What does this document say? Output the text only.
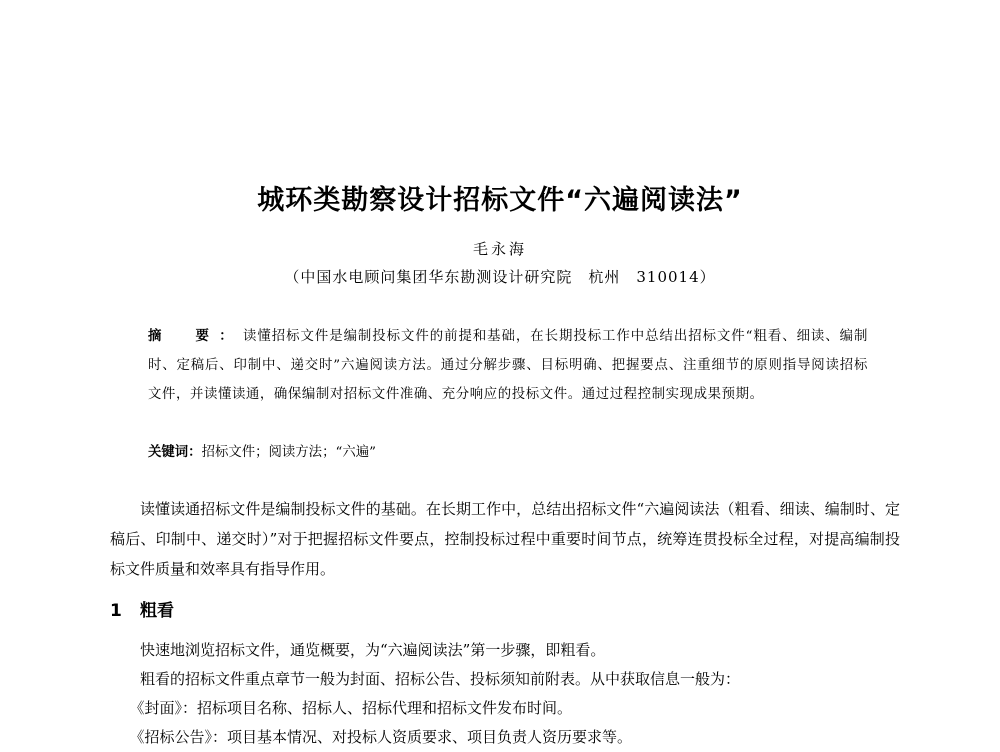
城环类勘察设计招标文件“六遍阅读法”
毛永海
（中国水电顾问集团华东勘测设计研究院　杭州　310014）
摘　要：读懂招标文件是编制投标文件的前提和基础，在长期投标工作中总结出招标文件“粗看、细读、编制时、定稿后、印制中、递交时”六遍阅读方法。通过分解步骤、目标明确、把握要点、注重细节的原则指导阅读招标文件，并读懂读通，确保编制对招标文件准确、充分响应的投标文件。通过过程控制实现成果预期。
关键词：招标文件；阅读方法；“六遍”

读懂读通招标文件是编制投标文件的基础。在长期工作中，总结出招标文件“六遍阅读法（粗看、细读、编制时、定稿后、印制中、递交时）”对于把握招标文件要点，控制投标过程中重要时间节点，统筹连贯投标全过程，对提高编制投标文件质量和效率具有指导作用。

1 粗看

快速地浏览招标文件，通览概要，为“六遍阅读法”第一步骤，即粗看。

粗看的招标文件重点章节一般为封面、招标公告、投标须知前附表。从中获取信息一般为：

《封面》：招标项目名称、招标人、招标代理和招标文件发布时间。

《招标公告》：项目基本情况、对投标人资质要求、项目负责人资历要求等。
